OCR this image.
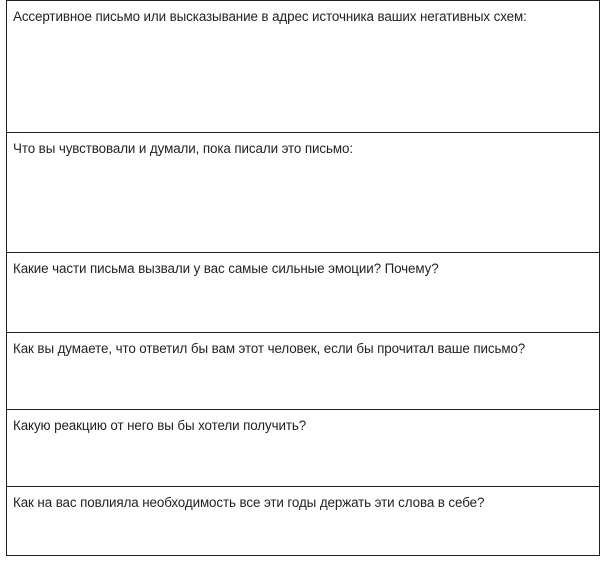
Ассертивное письмо или высказывание в адрес источника ваших негативных схем:
Что вы чувствовали и думали, пока писали это письмо:
Какие части письма вызвали у вас самые сильные эмоции? Почему?
Как вы думаете, что ответил бы вам этот человек, если бы прочитал ваше письмо?
Какую реакцию от него вы бы хотели получить?
Как на вас повлияла необходимость все эти годы держать эти слова в себе?
